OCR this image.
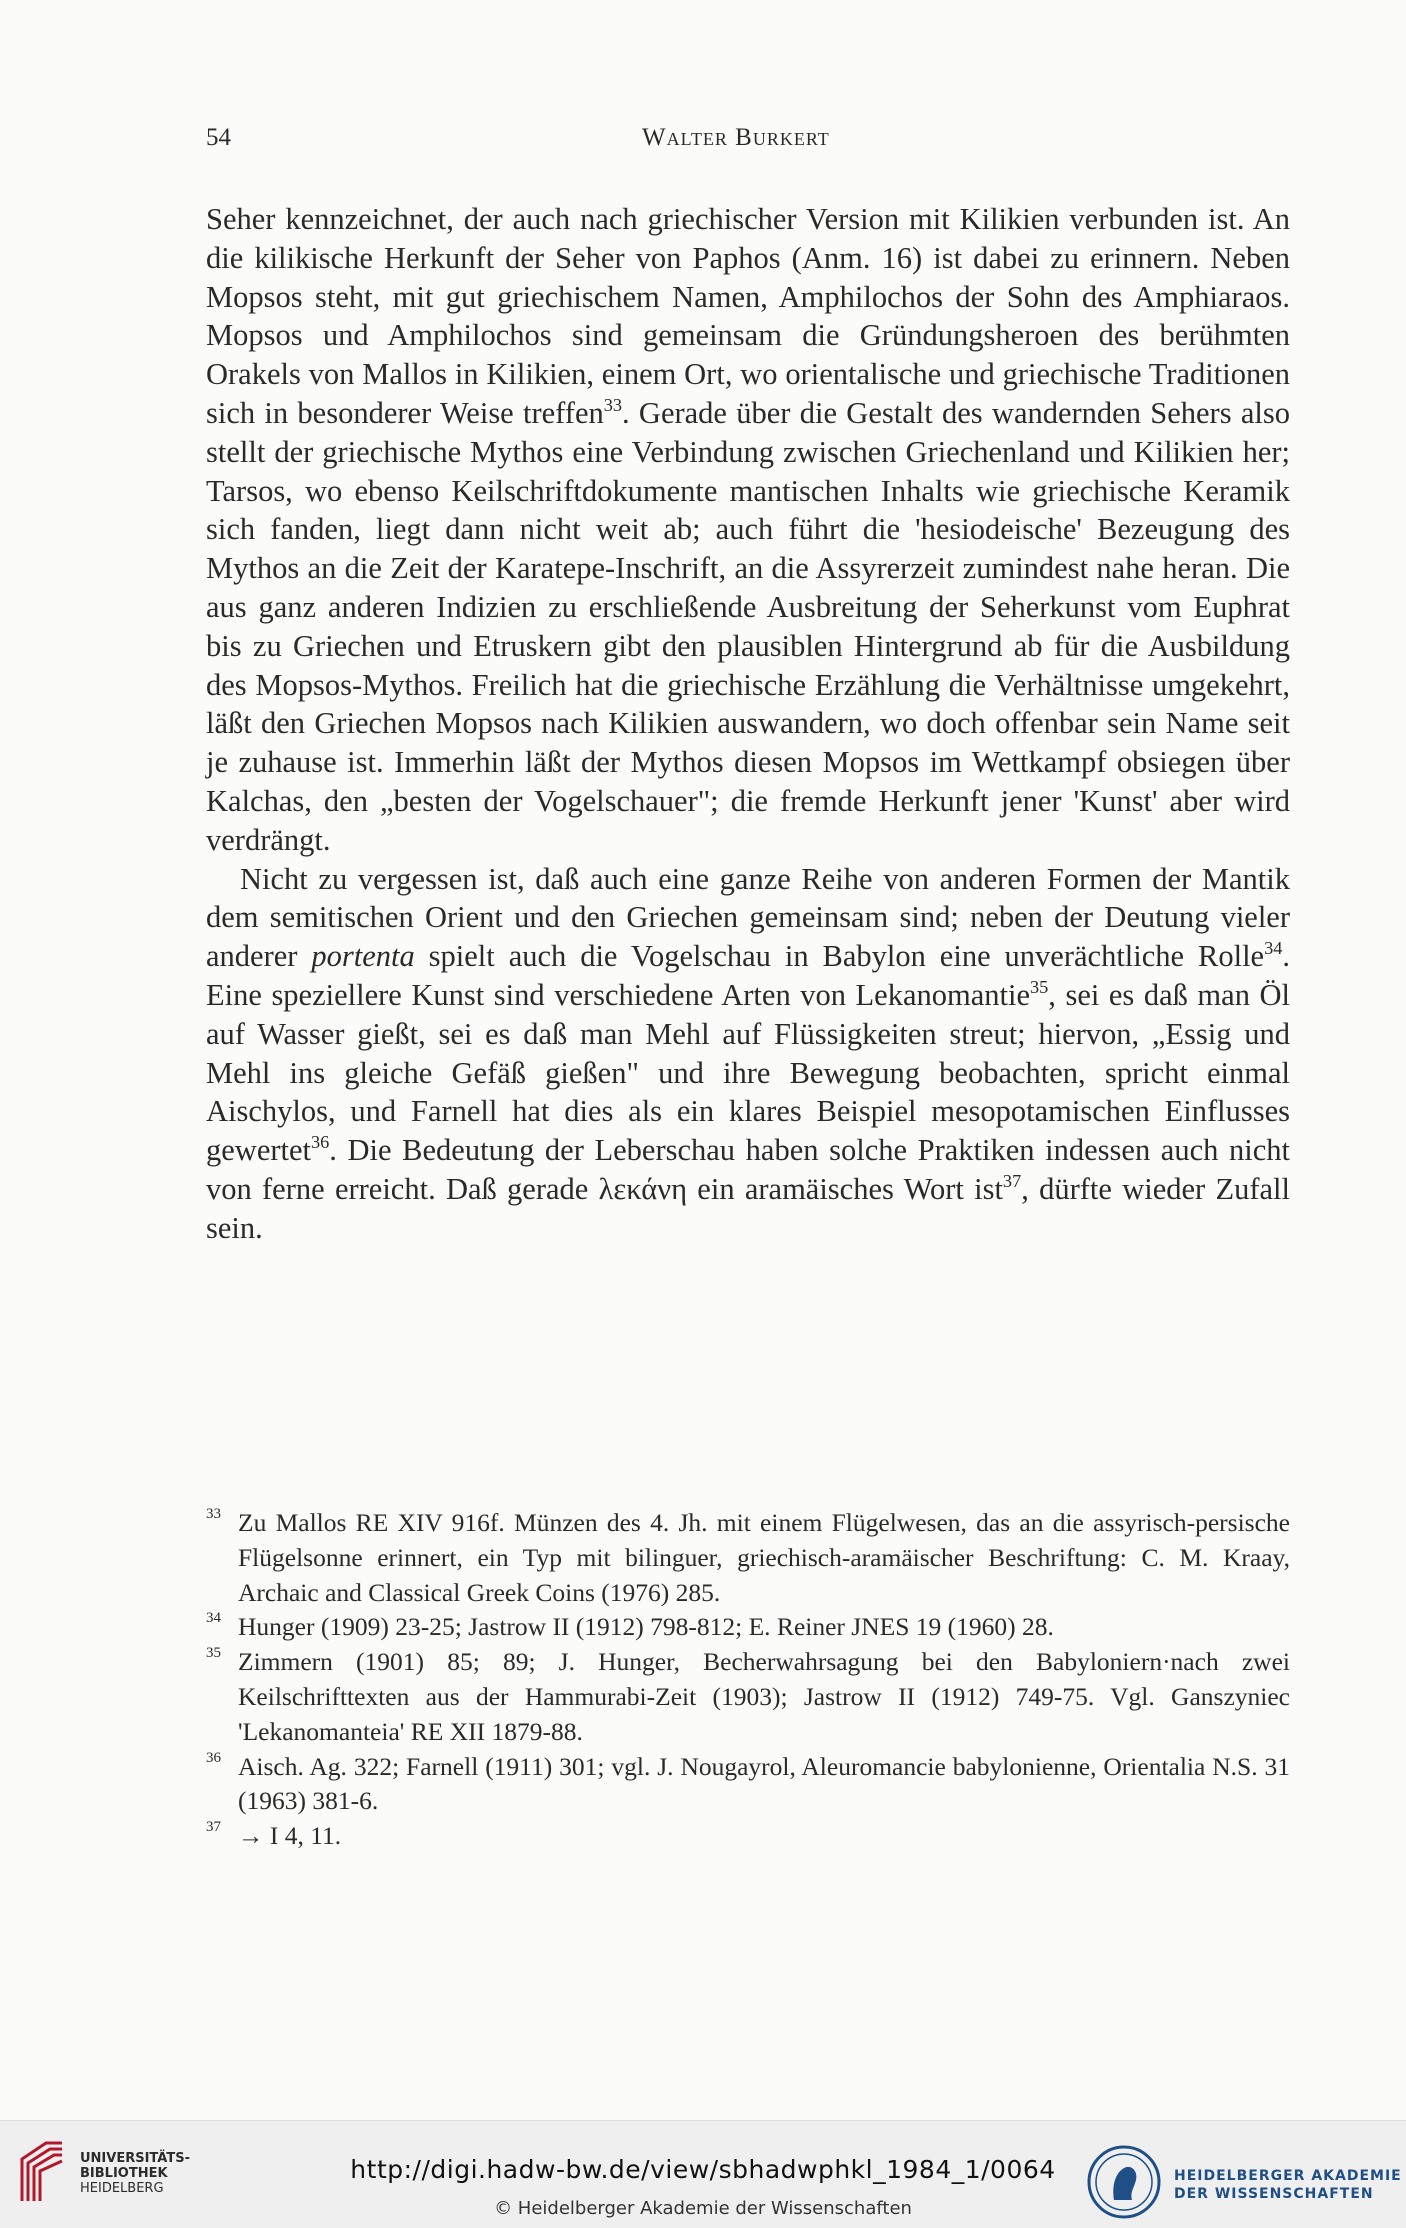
54	Walter Burkert

Seher kennzeichnet, der auch nach griechischer Version mit Kilikien verbunden ist. An die kilikische Herkunft der Seher von Paphos (Anm. 16) ist dabei zu erinnern. Neben Mopsos steht, mit gut griechischem Namen, Amphilochos der Sohn des Amphiaraos. Mopsos und Amphilochos sind gemeinsam die Gründungsheroen des berühmten Orakels von Mallos in Kilikien, einem Ort, wo orientalische und griechische Traditionen sich in besonderer Weise treffen$^{33}$. Gerade über die Gestalt des wandernden Sehers also stellt der griechische Mythos eine Verbindung zwischen Griechenland und Kilikien her; Tarsos, wo ebenso Keilschriftdokumente mantischen Inhalts wie griechische Keramik sich fanden, liegt dann nicht weit ab; auch führt die 'hesiodeische' Bezeugung des Mythos an die Zeit der Karatepe-Inschrift, an die Assyrerzeit zumindest nahe heran. Die aus ganz anderen Indizien zu erschließende Ausbreitung der Seherkunst vom Euphrat bis zu Griechen und Etruskern gibt den plausiblen Hintergrund ab für die Ausbildung des Mopsos-Mythos. Freilich hat die griechische Erzählung die Verhältnisse umgekehrt, läßt den Griechen Mopsos nach Kilikien auswandern, wo doch offenbar sein Name seit je zuhause ist. Immerhin läßt der Mythos diesen Mopsos im Wettkampf obsiegen über Kalchas, den „besten der Vogelschauer"; die fremde Herkunft jener 'Kunst' aber wird verdrängt.

Nicht zu vergessen ist, daß auch eine ganze Reihe von anderen Formen der Mantik dem semitischen Orient und den Griechen gemeinsam sind; neben der Deutung vieler anderer portenta spielt auch die Vogelschau in Babylon eine unverächtliche Rolle$^{34}$. Eine speziellere Kunst sind verschiedene Arten von Lekanomantie$^{35}$, sei es daß man Öl auf Wasser gießt, sei es daß man Mehl auf Flüssigkeiten streut; hiervon, „Essig und Mehl ins gleiche Gefäß gießen" und ihre Bewegung beobachten, spricht einmal Aischylos, und Farnell hat dies als ein klares Beispiel mesopotamischen Einflusses gewertet$^{36}$. Die Bedeutung der Leberschau haben solche Praktiken indessen auch nicht von ferne erreicht. Daß gerade λεκάνη ein aramäisches Wort ist$^{37}$, dürfte wieder Zufall sein.

33 Zu Mallos RE XIV 916f. Münzen des 4. Jh. mit einem Flügelwesen, das an die assyrisch-persische Flügelsonne erinnert, ein Typ mit bilinguer, griechisch-aramäischer Beschriftung: C. M. Kraay, Archaic and Classical Greek Coins (1976) 285.
34 Hunger (1909) 23-25; Jastrow II (1912) 798-812; E. Reiner JNES 19 (1960) 28.
35 Zimmern (1901) 85; 89; J. Hunger, Becherwahrsagung bei den Babyloniern·nach zwei Keilschrifttexten aus der Hammurabi-Zeit (1903); Jastrow II (1912) 749-75. Vgl. Ganszyniec 'Lekanomanteia' RE XII 1879-88.
36 Aisch. Ag. 322; Farnell (1911) 301; vgl. J. Nougayrol, Aleuromancie babylonienne, Orientalia N.S. 31 (1963) 381-6.
37 → I 4, 11.
UNIVERSITÄTS-
BIBLIOTHEK
HEIDELBERG
http://digi.hadw-bw.de/view/sbhadwphkl_1984_1/0064
© Heidelberger Akademie der Wissenschaften
HEIDELBERGER AKADEMIE
DER WISSENSCHAFTEN
